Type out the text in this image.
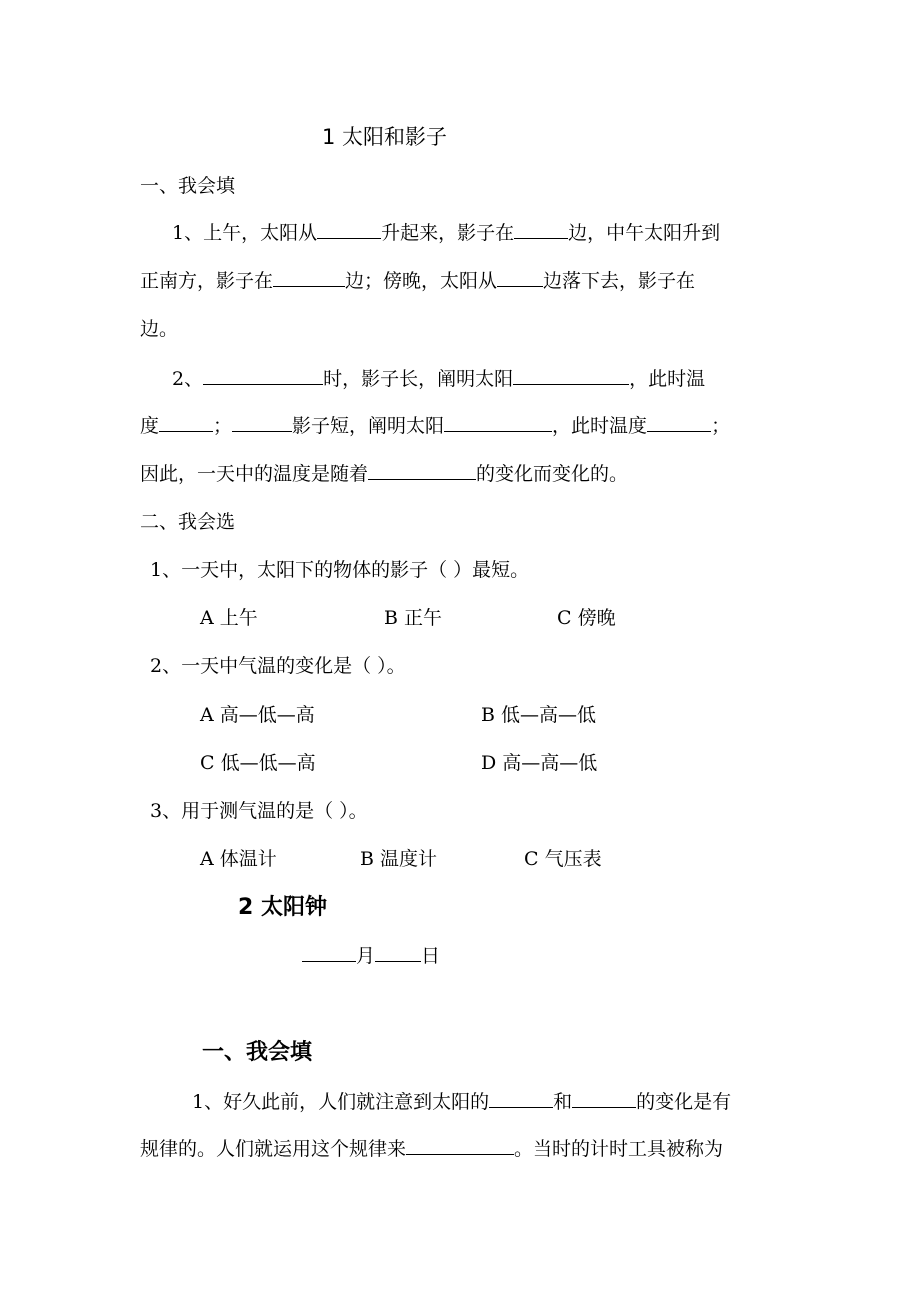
1 太阳和影子
一、我会填
1、上午，太阳从	升起来，影子在	边，中午太阳升到
正南方，影子在	边；傍晚，太阳从 边落下去，影子在
边。
2、	时，影子长，阐明太阳	，此时温
度	；	影子短，阐明太阳	，此时温度	；
因此，一天中的温度是随着	的变化而变化的。
二、我会选
1、一天中，太阳下的物体的影子（ ）最短。
A 上午	B 正午	C 傍晚
2、一天中气温的变化是（ ）。
A 高—低—高	B 低—高—低
C 低—低—高	D 高—高—低
3、用于测气温的是（ ）。
A 体温计	B 温度计	C 气压表
2 太阳钟
月 日
一、我会填
1、好久此前，人们就注意到太阳的	和	的变化是有
规律的。人们就运用这个规律来	。当时的计时工具被称为
